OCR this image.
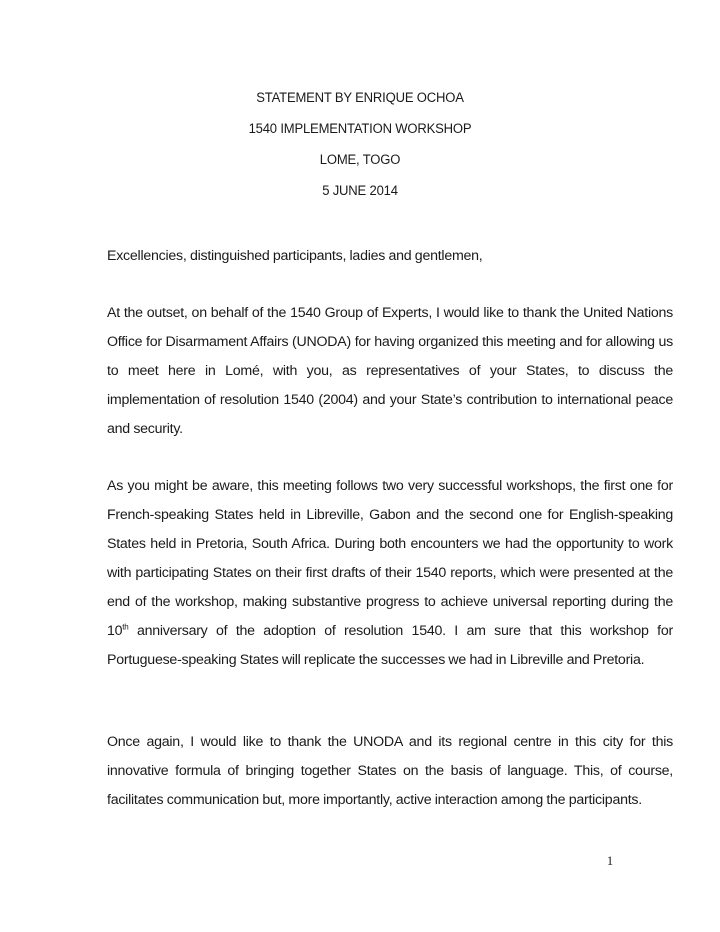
STATEMENT BY ENRIQUE OCHOA
1540 IMPLEMENTATION WORKSHOP
LOME, TOGO
5 JUNE 2014

Excellencies, distinguished participants, ladies and gentlemen,

At the outset, on behalf of the 1540 Group of Experts, I would like to thank the United Nations Office for Disarmament Affairs (UNODA) for having organized this meeting and for allowing us to meet here in Lomé, with you, as representatives of your States, to discuss the implementation of resolution 1540 (2004) and your State’s contribution to international peace and security.

As you might be aware, this meeting follows two very successful workshops, the first one for French-speaking States held in Libreville, Gabon and the second one for English-speaking States held in Pretoria, South Africa. During both encounters we had the opportunity to work with participating States on their first drafts of their 1540 reports, which were presented at the end of the workshop, making substantive progress to achieve universal reporting during the 10th anniversary of the adoption of resolution 1540. I am sure that this workshop for Portuguese-speaking States will replicate the successes we had in Libreville and Pretoria.

Once again, I would like to thank the UNODA and its regional centre in this city for this innovative formula of bringing together States on the basis of language. This, of course, facilitates communication but, more importantly, active interaction among the participants.

1
